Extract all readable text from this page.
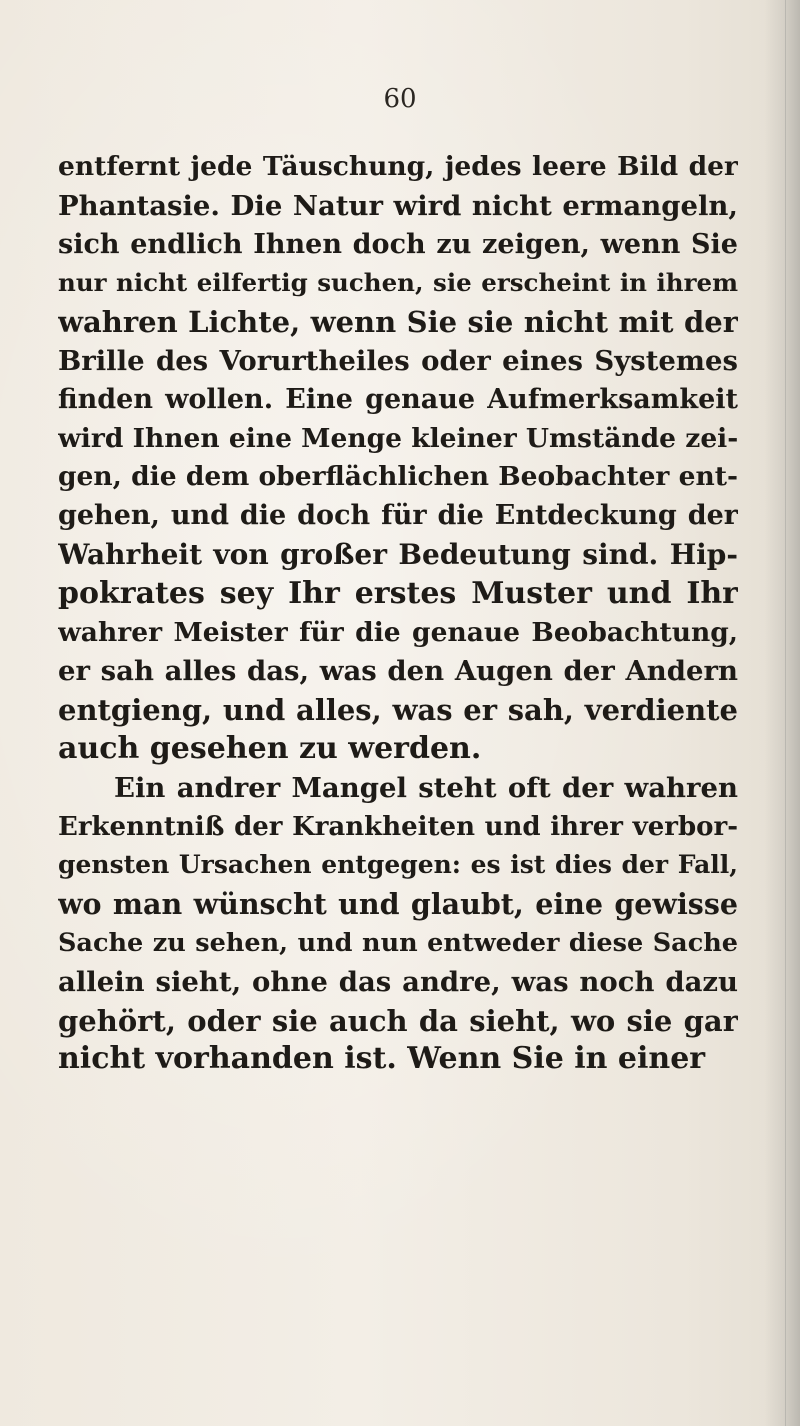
60
entfernt jede Täuschung, jedes leere Bild der
Phantasie. Die Natur wird nicht ermangeln,
sich endlich Ihnen doch zu zeigen, wenn Sie
nur nicht eilfertig suchen, sie erscheint in ihrem
wahren Lichte, wenn Sie sie nicht mit der
Brille des Vorurtheiles oder eines Systemes
finden wollen. Eine genaue Aufmerksamkeit
wird Ihnen eine Menge kleiner Umstände zei-
gen, die dem oberflächlichen Beobachter ent-
gehen, und die doch für die Entdeckung der
Wahrheit von großer Bedeutung sind. Hip-
pokrates sey Ihr erstes Muster und Ihr
wahrer Meister für die genaue Beobachtung,
er sah alles das, was den Augen der Andern
entgieng, und alles, was er sah, verdiente
auch gesehen zu werden.
Ein andrer Mangel steht oft der wahren
Erkenntniß der Krankheiten und ihrer verbor-
gensten Ursachen entgegen: es ist dies der Fall,
wo man wünscht und glaubt, eine gewisse
Sache zu sehen, und nun entweder diese Sache
allein sieht, ohne das andre, was noch dazu
gehört, oder sie auch da sieht, wo sie gar
nicht vorhanden ist. Wenn Sie in einer
